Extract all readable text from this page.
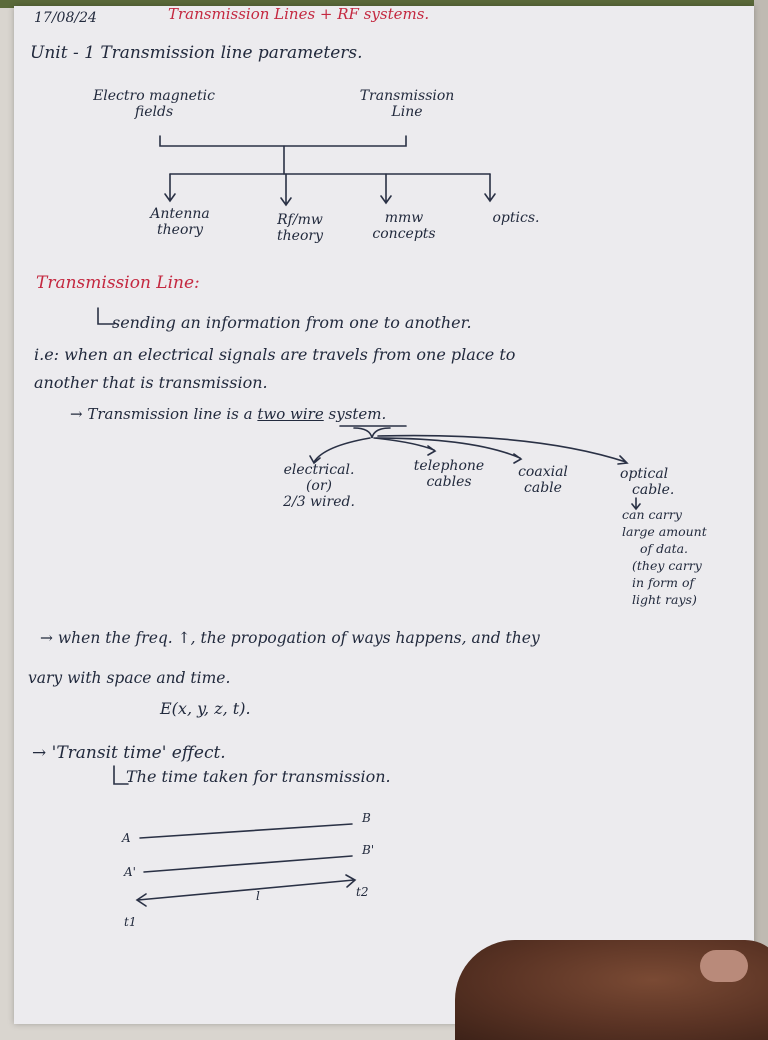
17/08/24	Transmission Lines + RF systems.
Unit - 1 Transmission line parameters.
Electro magnetic
fields
Transmission
Line
Antenna
theory
Rf/mw
theory
mmw
concepts
optics.
Transmission Line:
sending an information from one to another.
i.e: when an electrical signals are travels from one place to
another that is transmission.
→ Transmission line is a two wire system.
electrical.
(or)
2/3 wired.
telephone
cables
coaxial
cable
optical
cable.
can carry
large amount
of data.
(they carry
in form of
light rays)
→ when the freq. ↑, the propogation of ways happens, and they
vary with space and time.
E(x, y, z, t).
→ 'Transit time' effect.
The time taken for transmission.
A
B
A'
B'
l
t1
t2
